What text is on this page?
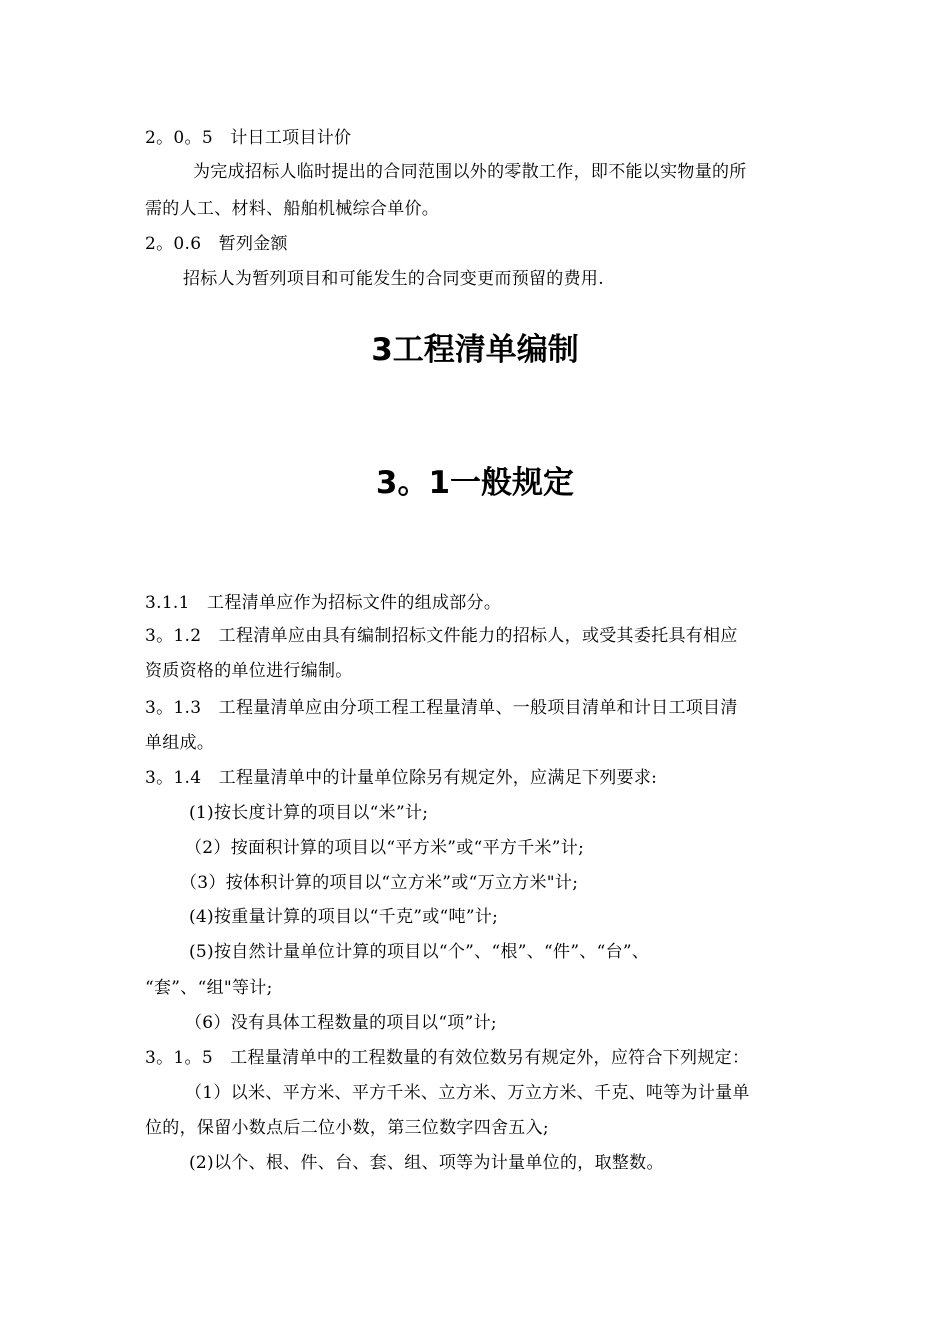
2。0。5　计日工项目计价
为完成招标人临时提出的合同范围以外的零散工作，即不能以实物量的所
需的人工、材料、船舶机械综合单价。
2。0.6　暂列金额
招标人为暂列项目和可能发生的合同变更而预留的费用.
3工程清单编制
3。1一般规定
3.1.1　工程清单应作为招标文件的组成部分。
3。1.2　工程清单应由具有编制招标文件能力的招标人，或受其委托具有相应
资质资格的单位进行编制。
3。1.3　工程量清单应由分项工程工程量清单、一般项目清单和计日工项目清
单组成。
3。1.4　工程量清单中的计量单位除另有规定外，应满足下列要求:
(1)按长度计算的项目以“米”计;
（2）按面积计算的项目以“平方米”或“平方千米”计;
（3）按体积计算的项目以“立方米”或“万立方米"计;
(4)按重量计算的项目以“千克”或“吨”计;
(5)按自然计量单位计算的项目以“个”、“根”、“件”、“台”、
“套”、“组"等计;
（6）没有具体工程数量的项目以“项”计;
3。1。5　工程量清单中的工程数量的有效位数另有规定外，应符合下列规定：
（1）以米、平方米、平方千米、立方米、万立方米、千克、吨等为计量单
位的，保留小数点后二位小数，第三位数字四舍五入;
(2)以个、根、件、台、套、组、项等为计量单位的，取整数。
